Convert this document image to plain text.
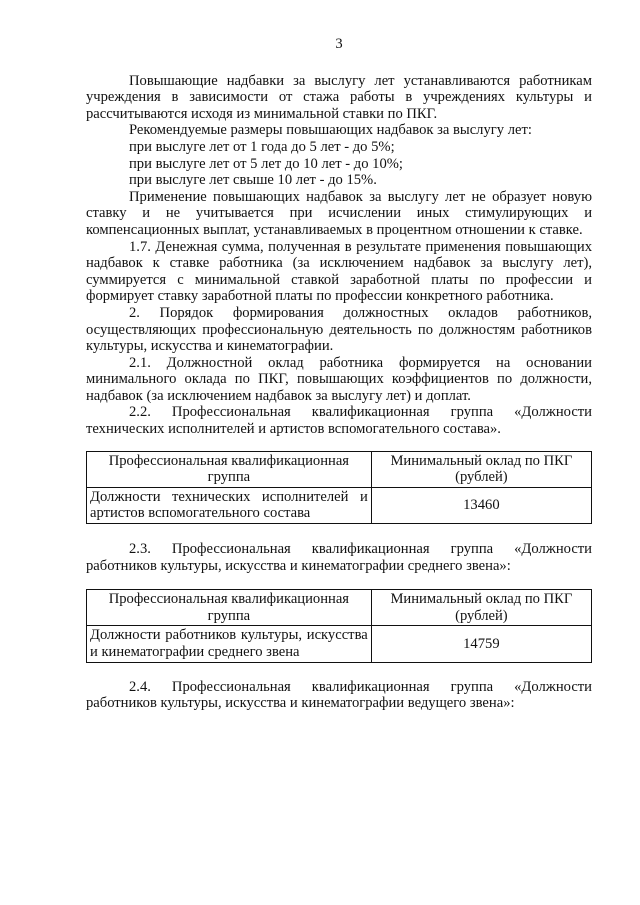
3

Повышающие надбавки за выслугу лет устанавливаются работникам учреждения в зависимости от стажа работы в учреждениях культуры и рассчитываются исходя из минимальной ставки по ПКГ.

Рекомендуемые размеры повышающих надбавок за выслугу лет:

при выслуге лет от 1 года до 5 лет - до 5%;

при выслуге лет от 5 лет до 10 лет - до 10%;

при выслуге лет свыше 10 лет - до 15%.

Применение повышающих надбавок за выслугу лет не образует новую ставку и не учитывается при исчислении иных стимулирующих и компенсационных выплат, устанавливаемых в процентном отношении к ставке.

1.7. Денежная сумма, полученная в результате применения повышающих надбавок к ставке работника (за исключением надбавок за выслугу лет), суммируется с минимальной ставкой заработной платы по профессии и формирует ставку заработной платы по профессии конкретного работника.

2. Порядок формирования должностных окладов работников, осуществляющих профессиональную деятельность по должностям работников культуры, искусства и кинематографии.

2.1. Должностной оклад работника формируется на основании минимального оклада по ПКГ, повышающих коэффициентов по должности, надбавок (за исключением надбавок за выслугу лет) и доплат.

2.2. Профессиональная квалификационная группа «Должности технических исполнителей и артистов вспомогательного состава».

Профессиональная квалификационная группа	Минимальный оклад по ПКГ (рублей)
Должности технических исполнителей и артистов вспомогательного состава	13460

2.3. Профессиональная квалификационная группа «Должности работников культуры, искусства и кинематографии среднего звена»:

Профессиональная квалификационная группа	Минимальный оклад по ПКГ (рублей)
Должности работников культуры, искусства и кинематографии среднего звена	14759

2.4. Профессиональная квалификационная группа «Должности работников культуры, искусства и кинематографии ведущего звена»:
